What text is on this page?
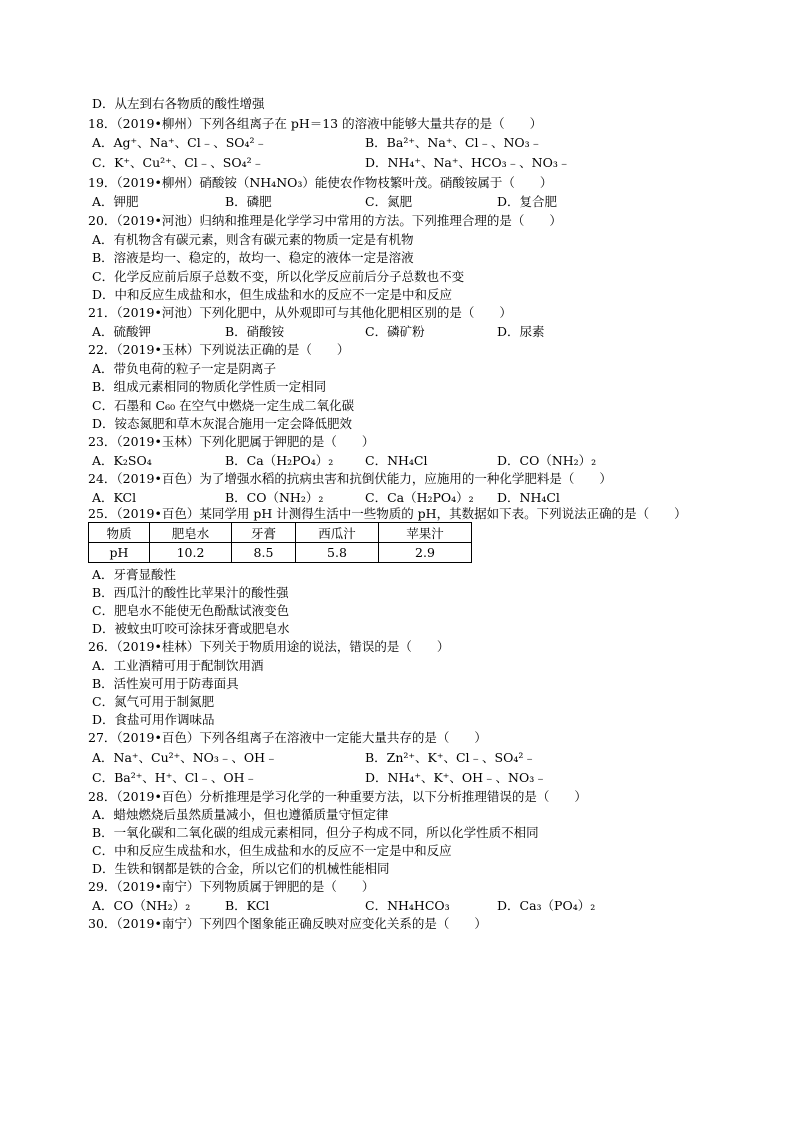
D．从左到右各物质的酸性增强
18．（2019•柳州）下列各组离子在 pH＝13 的溶液中能够大量共存的是（　　）
A．Ag⁺、Na⁺、Cl﹣、SO₄²﹣	B．Ba²⁺、Na⁺、Cl﹣、NO₃﹣
C．K⁺、Cu²⁺、Cl﹣、SO₄²﹣	D．NH₄⁺、Na⁺、HCO₃﹣、NO₃﹣
19．（2019•柳州）硝酸铵（NH₄NO₃）能使农作物枝繁叶茂。硝酸铵属于（　　）
A．钾肥	B．磷肥	C．氮肥	D．复合肥
20．（2019•河池）归纳和推理是化学学习中常用的方法。下列推理合理的是（　　）
A．有机物含有碳元素，则含有碳元素的物质一定是有机物
B．溶液是均一、稳定的，故均一、稳定的液体一定是溶液
C．化学反应前后原子总数不变，所以化学反应前后分子总数也不变
D．中和反应生成盐和水，但生成盐和水的反应不一定是中和反应
21．（2019•河池）下列化肥中，从外观即可与其他化肥相区别的是（　　）
A．硫酸钾	B．硝酸铵	C．磷矿粉	D．尿素
22．（2019•玉林）下列说法正确的是（　　）
A．带负电荷的粒子一定是阴离子
B．组成元素相同的物质化学性质一定相同
C．石墨和 C₆₀ 在空气中燃烧一定生成二氧化碳
D．铵态氮肥和草木灰混合施用一定会降低肥效
23．（2019•玉林）下列化肥属于钾肥的是（　　）
A．K₂SO₄	B．Ca（H₂PO₄）₂	C．NH₄Cl	D．CO（NH₂）₂
24．（2019•百色）为了增强水稻的抗病虫害和抗倒伏能力，应施用的一种化学肥料是（　　）
A．KCl	B．CO（NH₂）₂	C．Ca（H₂PO₄）₂ D．NH₄Cl
25．（2019•百色）某同学用 pH 计测得生活中一些物质的 pH，其数据如下表。下列说法正确的是（　　）
物质	肥皂水	牙膏	西瓜汁	苹果汁
pH	10.2	8.5	5.8	2.9
A．牙膏显酸性
B．西瓜汁的酸性比苹果汁的酸性强
C．肥皂水不能使无色酚酞试液变色
D．被蚊虫叮咬可涂抹牙膏或肥皂水
26．（2019•桂林）下列关于物质用途的说法，错误的是（　　）
A．工业酒精可用于配制饮用酒
B．活性炭可用于防毒面具
C．氮气可用于制氮肥
D．食盐可用作调味品
27．（2019•百色）下列各组离子在溶液中一定能大量共存的是（　　）
A．Na⁺、Cu²⁺、NO₃﹣、OH﹣	B．Zn²⁺、K⁺、Cl﹣、SO₄²﹣
C．Ba²⁺、H⁺、Cl﹣、OH﹣	D．NH₄⁺、K⁺、OH﹣、NO₃﹣
28．（2019•百色）分析推理是学习化学的一种重要方法，以下分析推理错误的是（　　）
A．蜡烛燃烧后虽然质量减小，但也遵循质量守恒定律
B．一氧化碳和二氧化碳的组成元素相同，但分子构成不同，所以化学性质不相同
C．中和反应生成盐和水，但生成盐和水的反应不一定是中和反应
D．生铁和钢都是铁的合金，所以它们的机械性能相同
29．（2019•南宁）下列物质属于钾肥的是（　　）
A．CO（NH₂）₂	B．KCl	C．NH₄HCO₃	D．Ca₃（PO₄）₂
30．（2019•南宁）下列四个图象能正确反映对应变化关系的是（　　）
